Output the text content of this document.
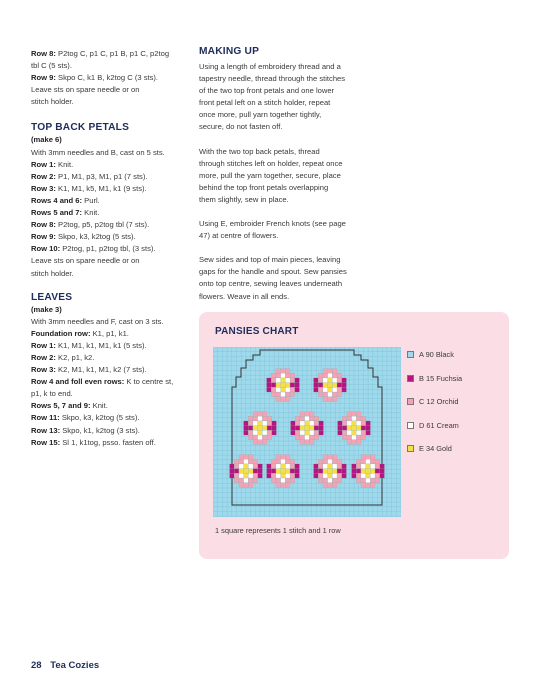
Row 8: P2tog C, p1 C, p1 B, p1 C, p2tog

tbl C (5 sts).

Row 9: Skpo C, k1 B, k2tog C (3 sts).

Leave sts on spare needle or on

stitch holder.

TOP BACK PETALS

(make 6)

With 3mm needles and B, cast on 5 sts.

Row 1: Knit.

Row 2: P1, M1, p3, M1, p1 (7 sts).

Row 3: K1, M1, k5, M1, k1 (9 sts).

Rows 4 and 6: Purl.

Rows 5 and 7: Knit.

Row 8: P2tog, p5, p2tog tbl (7 sts).

Row 9: Skpo, k3, k2tog (5 sts).

Row 10: P2tog, p1, p2tog tbl, (3 sts).

Leave sts on spare needle or on

stitch holder.

LEAVES

(make 3)

With 3mm needles and F, cast on 3 sts.

Foundation row: K1, p1, k1.

Row 1: K1, M1, k1, M1, k1 (5 sts).

Row 2: K2, p1, k2.

Row 3: K2, M1, k1, M1, k2 (7 sts).

Row 4 and foll even rows: K to centre st,

p1, k to end.

Rows 5, 7 and 9: Knit.

Row 11: Skpo, k3, k2tog (5 sts).

Row 13: Skpo, k1, k2tog (3 sts).

Row 15: Sl 1, k1tog, psso. fasten off.

MAKING UP

Using a length of embroidery thread and a

tapestry needle, thread through the stitches

of the two top front petals and one lower

front petal left on a stitch holder, repeat

once more, pull yarn together tightly,

secure, do not fasten off.

With the two top back petals, thread

through stitches left on holder, repeat once

more, pull the yarn together, secure, place

behind the top front petals overlapping

them slightly, sew in place.

Using E, embroider French knots (see page

47) at centre of flowers.

Sew sides and top of main pieces, leaving

gaps for the handle and spout. Sew pansies

onto top centre, sewing leaves underneath

flowers. Weave in all ends.

PANSIES CHART
A 90 Black
B 15 Fuchsia
C 12 Orchid
D 61 Cream
E 34 Gold
1 square represents 1 stitch and 1 row
28 Tea Cozies
